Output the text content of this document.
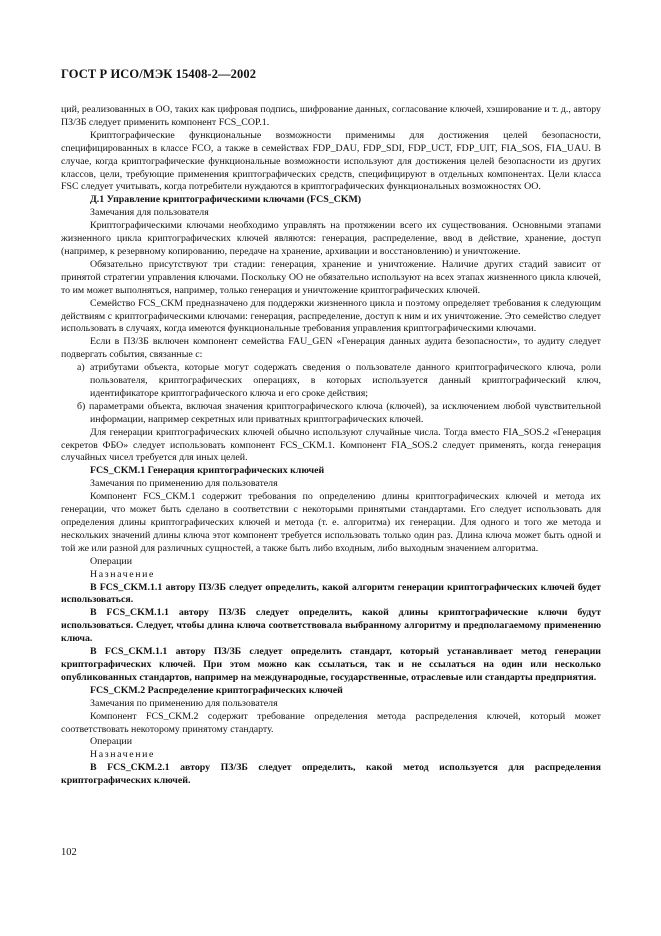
ГОСТ Р ИСО/МЭК 15408-2—2002

ций, реализованных в ОО, таких как цифровая подпись, шифрование данных, согласование ключей, хэширование и т. д., автору ПЗ/ЗБ следует применить компонент FCS_COP.1.

Криптографические функциональные возможности применимы для достижения целей безопасности, специфицированных в классе FCO, а также в семействах FDP_DAU, FDP_SDI, FDP_UCT, FDP_UIT, FIA_SOS, FIA_UAU. В случае, когда криптографические функциональные возможности используют для достижения целей безопасности из других классов, цели, требующие применения криптографических средств, специфицируют в отдельных компонентах. Цели класса FSC следует учитывать, когда потребители нуждаются в криптографических функциональных возможностях ОО.

Д.1 Управление криптографическими ключами (FCS_CKM)

Замечания для пользователя

Криптографическими ключами необходимо управлять на протяжении всего их существования. Основными этапами жизненного цикла криптографических ключей являются: генерация, распределение, ввод в действие, хранение, доступ (например, к резервному копированию, передаче на хранение, архивации и восстановлению) и уничтожение.

Обязательно присутствуют три стадии: генерация, хранение и уничтожение. Наличие других стадий зависит от принятой стратегии управления ключами. Поскольку ОО не обязательно используют на всех этапах жизненного цикла ключей, то им может выполняться, например, только генерация и уничтожение криптографических ключей.

Семейство FCS_CKM предназначено для поддержки жизненного цикла и поэтому определяет требования к следующим действиям с криптографическими ключами: генерация, распределение, доступ к ним и их уничтожение. Это семейство следует использовать в случаях, когда имеются функциональные требования управления криптографическими ключами.

Если в ПЗ/ЗБ включен компонент семейства FAU_GEN «Генерация данных аудита безопасности», то аудиту следует подвергать события, связанные с:

а) атрибутами объекта, которые могут содержать сведения о пользователе данного криптографического ключа, роли пользователя, криптографических операциях, в которых используется данный криптографический ключ, идентификаторе криптографического ключа и его сроке действия;

б) параметрами объекта, включая значения криптографического ключа (ключей), за исключением любой чувствительной информации, например секретных или приватных криптографических ключей.

Для генерации криптографических ключей обычно используют случайные числа. Тогда вместо FIA_SOS.2 «Генерация секретов ФБО» следует использовать компонент FCS_CKM.1. Компонент FIA_SOS.2 следует применять, когда генерация случайных чисел требуется для иных целей.

FCS_CKM.1 Генерация криптографических ключей

Замечания по применению для пользователя

Компонент FCS_CKM.1 содержит требования по определению длины криптографических ключей и метода их генерации, что может быть сделано в соответствии с некоторыми принятыми стандартами. Его следует использовать для определения длины криптографических ключей и метода (т. е. алгоритма) их генерации. Для одного и того же метода и нескольких значений длины ключа этот компонент требуется использовать только один раз. Длина ключа может быть одной и той же или разной для различных сущностей, а также быть либо входным, либо выходным значением алгоритма.

Операции

Назначение

В FCS_CKM.1.1 автору ПЗ/ЗБ следует определить, какой алгоритм генерации криптографических ключей будет использоваться.

В FCS_CKM.1.1 автору ПЗ/ЗБ следует определить, какой длины криптографические ключи будут использоваться. Следует, чтобы длина ключа соответствовала выбранному алгоритму и предполагаемому применению ключа.

В FCS_CKM.1.1 автору ПЗ/ЗБ следует определить стандарт, который устанавливает метод генерации криптографических ключей. При этом можно как ссылаться, так и не ссылаться на один или несколько опубликованных стандартов, например на международные, государственные, отраслевые или стандарты предприятия.

FCS_CKM.2 Распределение криптографических ключей

Замечания по применению для пользователя

Компонент FCS_CKM.2 содержит требование определения метода распределения ключей, который может соответствовать некоторому принятому стандарту.

Операции

Назначение

В FCS_CKM.2.1 автору ПЗ/ЗБ следует определить, какой метод используется для распределения криптографических ключей.

102
